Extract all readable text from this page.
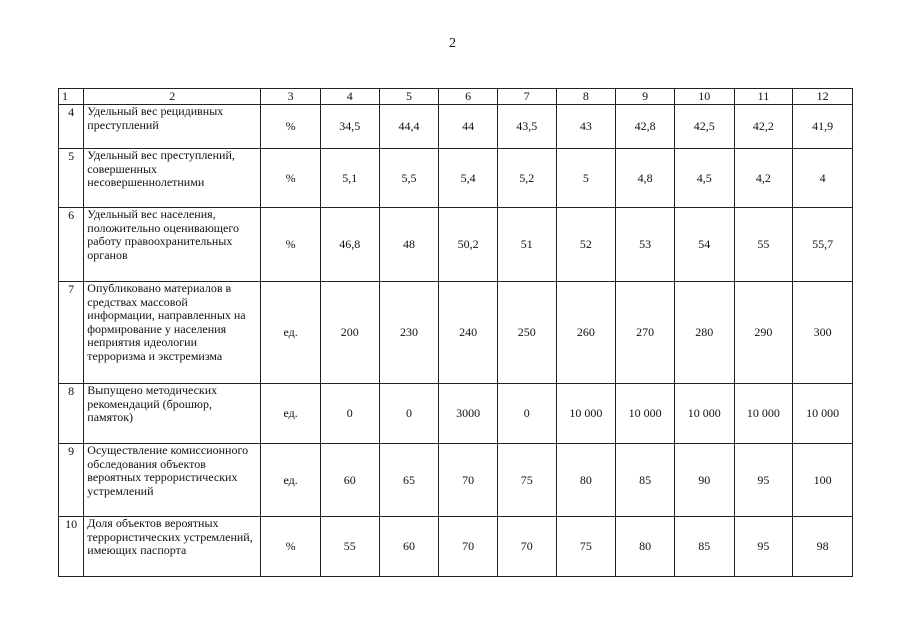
2
1	2	3	4	5	6	7	8	9	10	11	12
4	Удельный вес рецидивных преступлений	%	34,5	44,4	44	43,5	43	42,8	42,5	42,2	41,9
5	Удельный вес преступлений, совершенных несовершеннолетними	%	5,1	5,5	5,4	5,2	5	4,8	4,5	4,2	4
6	Удельный вес населения, положительно оценивающего работу правоохранительных органов	%	46,8	48	50,2	51	52	53	54	55	55,7
7	Опубликовано материалов в средствах массовой информации, направленных на формирование у населения неприятия идеологии терроризма и экстремизма	ед.	200	230	240	250	260	270	280	290	300
8	Выпущено методических рекомендаций (брошюр, памяток)	ед.	0	0	3000	0	10 000	10 000	10 000	10 000	10 000
9	Осуществление комиссионного обследования объектов вероятных террористических устремлений	ед.	60	65	70	75	80	85	90	95	100
10	Доля объектов вероятных террористических устремлений, имеющих паспорта	%	55	60	70	70	75	80	85	95	98
